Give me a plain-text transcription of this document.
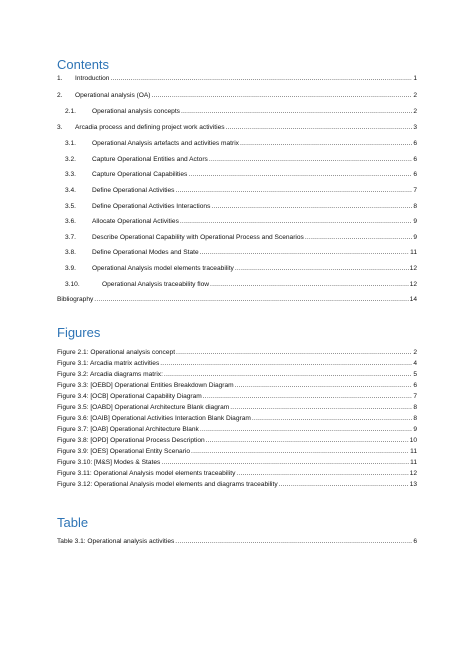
Contents
1.	Introduction .....	1
2.	Operational analysis (OA) .....	2
2.1.	Operational analysis concepts .....	2
3.	Arcadia process and defining project work activities .....	3
3.1.	Operational Analysis artefacts and activities matrix .....	6
3.2.	Capture Operational Entities and Actors .....	6
3.3.	Capture Operational Capabilities .....	6
3.4.	Define Operational Activities .....	7
3.5.	Define Operational Activities Interactions .....	8
3.6.	Allocate Operational Activities .....	9
3.7.	Describe Operational Capability with Operational Process and Scenarios .....	9
3.8.	Define Operational Modes and State .....	11
3.9.	Operational Analysis model elements traceability .....	12
3.10.	Operational Analysis traceability flow .....	12
Bibliography .....	14
Figures
Figure 2.1: Operational analysis concept .....	2
Figure 3.1: Arcadia matrix activities .....	4
Figure 3.2: Arcadia diagrams matrix: .....	5
Figure 3.3: [OEBD] Operational Entities Breakdown Diagram .....	6
Figure 3.4: [OCB] Operational Capability Diagram .....	7
Figure 3.5: [OABD] Operational Architecture Blank diagram .....	8
Figure 3.6: [OAIB] Operational Activities Interaction Blank Diagram .....	8
Figure 3.7: [OAB] Operational Architecture Blank .....	9
Figure 3.8: [OPD] Operational Process Description .....	10
Figure 3.9: [OES] Operational Entity Scenario .....	11
Figure 3.10: [M&S] Modes & States .....	11
Figure 3.11: Operational Analysis model elements traceability .....	12
Figure 3.12: Operational Analysis model elements and diagrams traceability .....	13
Table
Table 3.1: Operational analysis activities .....	6
